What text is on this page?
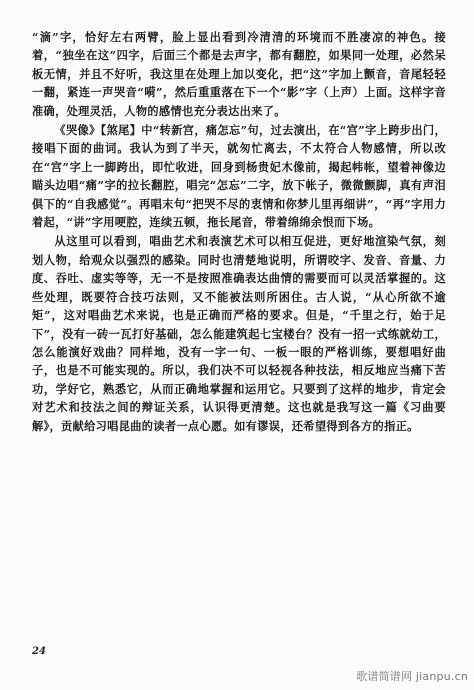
“滴”字，恰好左右两臂，脸上显出看到冷清清的环境而不胜凄凉的神色。接着，“独坐在这”四字，后面三个都是去声字，都有翻腔，如果同一处理，必然呆板无情，并且不好听，我这里在处理上加以变化，把“这”字加上颤音，音尾轻轻一翻，紧连一声哭音“嗬”，然后重重落在下一个“影”字（上声）上面。这样字音准确，处理灵活，人物的感情也充分表达出来了。

《哭像》【煞尾】中“转新宫，痛怎忘”句，过去演出，在“宫”字上跨步出门，接唱下面的曲词。我认为到了半天，就匆忙离去，不太符合人物感情，所以改在“宫”字上一脚跨出，即忙收进，回身到杨贵妃木像前，揭起帏帐，望着神像边瞄头边唱“痛”字的拉长翻腔，唱完“怎忘”二字，放下帐子，微微颤脚，真有声泪俱下的“自我感觉”。再唱末句“把哭不尽的衷情和你梦儿里再细讲”，“再”字用力着起，“讲”字用哽腔，连续五顿，拖长尾音，带着绵绵余恨而下场。

从这里可以看到，唱曲艺术和表演艺术可以相互促进，更好地渲染气氛，刻划人物，给观众以强烈的感染。同时也清楚地说明，所谓咬字、发音、音量、力度、吞吐、虚实等等，无一不是按照准确表达曲情的需要而可以灵活掌握的。这些处理，既要符合技巧法则，又不能被法则所困住。古人说，“从心所欲不逾矩”，这对唱曲艺术来说，也是正确而严格的要求。但是，“千里之行，始于足下”，没有一砖一瓦打好基础，怎么能建筑起七宝楼台？没有一招一式练就幼工，怎么能演好戏曲？同样地，没有一字一句、一板一眼的严格训练，要想唱好曲子，也是不可能实现的。所以，我们决不可以轻视各种技法，相反地应当痛下苦功，学好它，熟悉它，从而正确地掌握和运用它。只要到了这样的地步，肯定会对艺术和技法之间的辩证关系，认识得更清楚。这也就是我写这一篇《习曲要解》，贡献给习唱昆曲的读者一点心愿。如有谬误，还希望得到各方的指正。

24
歌谱简谱网 jianpu.cn
